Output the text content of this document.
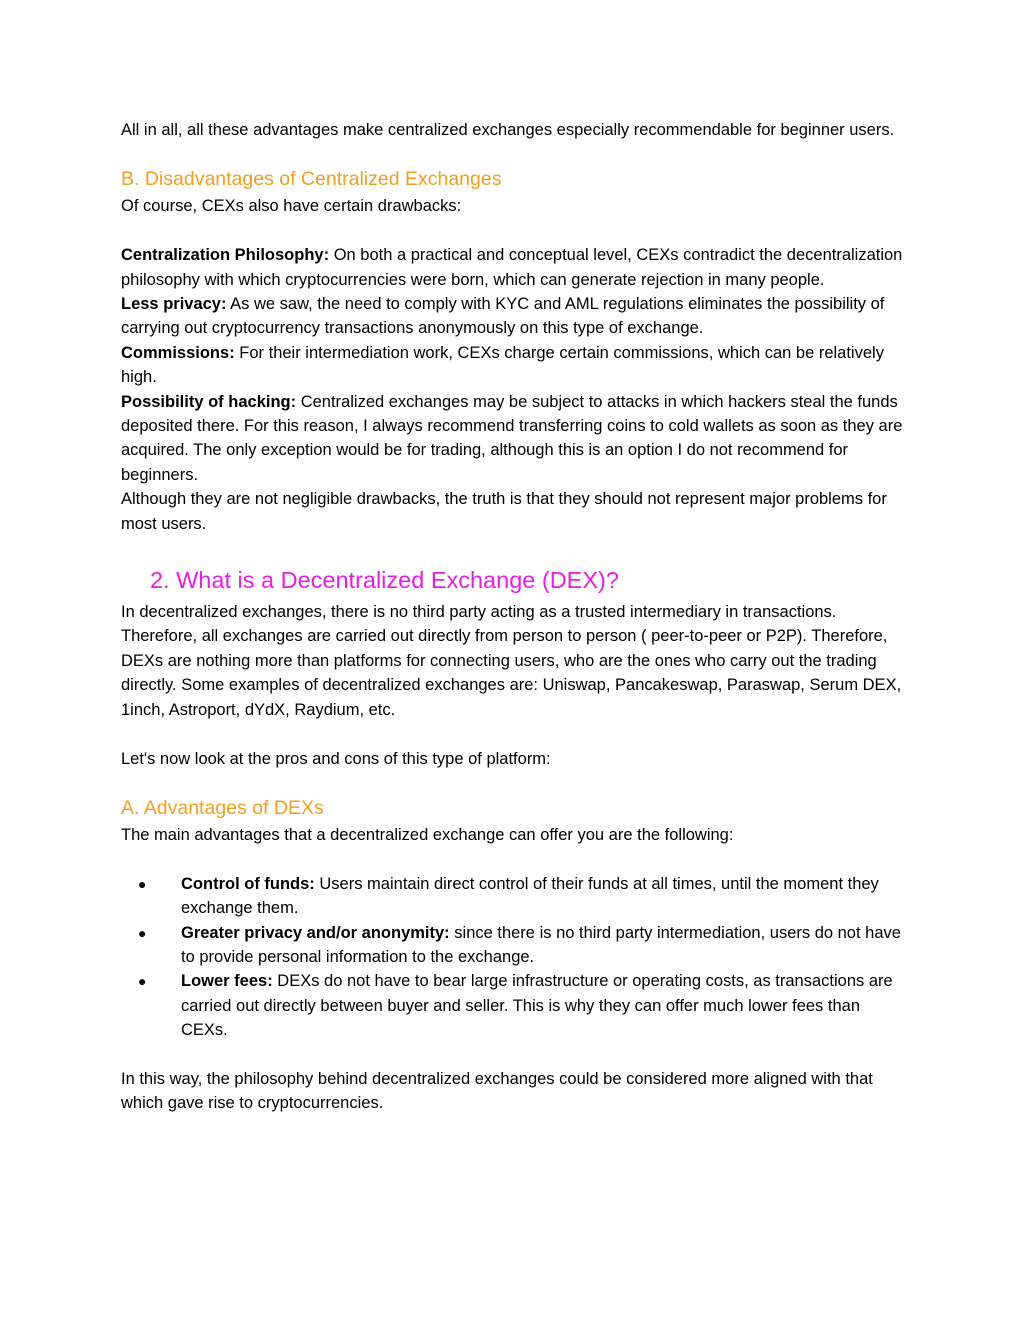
All in all, all these advantages make centralized exchanges especially recommendable for beginner users.

B. Disadvantages of Centralized Exchanges

Of course, CEXs also have certain drawbacks:

Centralization Philosophy: On both a practical and conceptual level, CEXs contradict the decentralization philosophy with which cryptocurrencies were born, which can generate rejection in many people.

Less privacy: As we saw, the need to comply with KYC and AML regulations eliminates the possibility of carrying out cryptocurrency transactions anonymously on this type of exchange.

Commissions: For their intermediation work, CEXs charge certain commissions, which can be relatively high.

Possibility of hacking: Centralized exchanges may be subject to attacks in which hackers steal the funds deposited there. For this reason, I always recommend transferring coins to cold wallets as soon as they are acquired. The only exception would be for trading, although this is an option I do not recommend for beginners.

Although they are not negligible drawbacks, the truth is that they should not represent major problems for most users.

2. What is a Decentralized Exchange (DEX)?

In decentralized exchanges, there is no third party acting as a trusted intermediary in transactions. Therefore, all exchanges are carried out directly from person to person ( peer-to-peer or P2P). Therefore, DEXs are nothing more than platforms for connecting users, who are the ones who carry out the trading directly. Some examples of decentralized exchanges are: Uniswap, Pancakeswap, Paraswap, Serum DEX, 1inch, Astroport, dYdX, Raydium, etc.

Let's now look at the pros and cons of this type of platform:

A. Advantages of DEXs

The main advantages that a decentralized exchange can offer you are the following:

● Control of funds: Users maintain direct control of their funds at all times, until the moment they exchange them.
● Greater privacy and/or anonymity: since there is no third party intermediation, users do not have to provide personal information to the exchange.
● Lower fees: DEXs do not have to bear large infrastructure or operating costs, as transactions are carried out directly between buyer and seller. This is why they can offer much lower fees than CEXs.

In this way, the philosophy behind decentralized exchanges could be considered more aligned with that which gave rise to cryptocurrencies.
